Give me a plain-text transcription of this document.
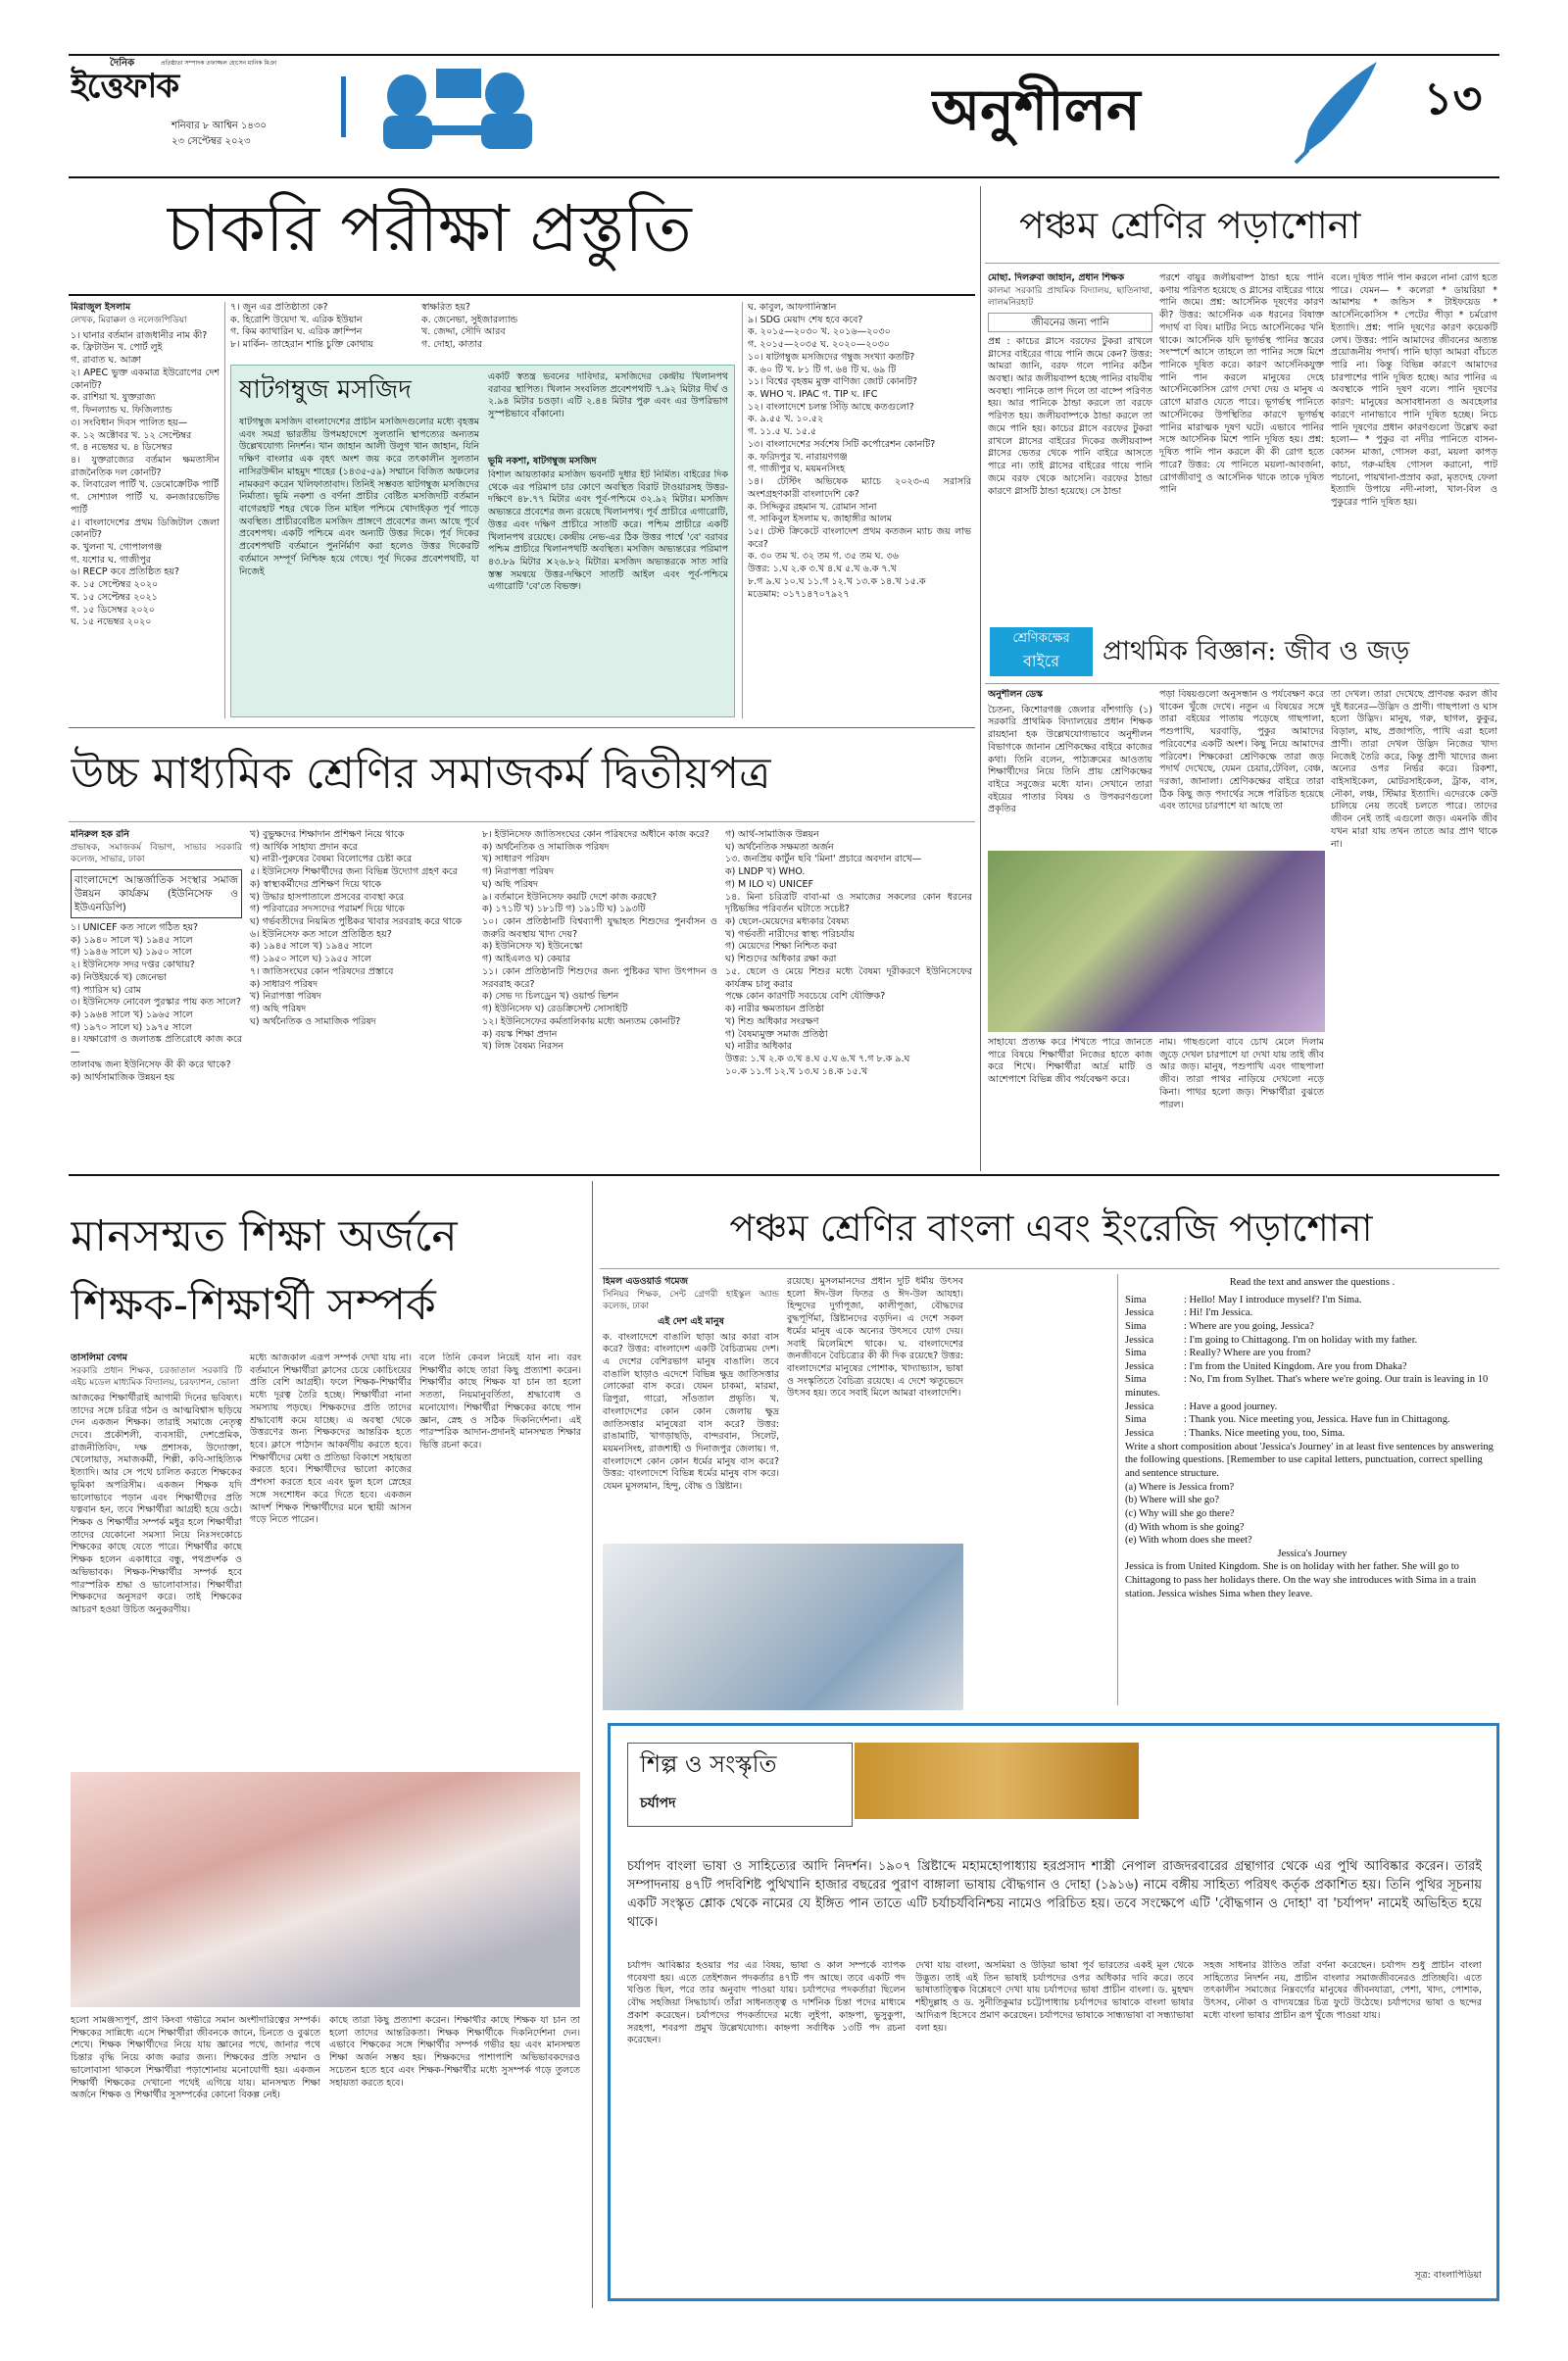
দৈনিক
ইত্তেফাক
প্রতিষ্ঠাতা সম্পাদক তফাজ্জল হোসেন মানিক মিঞা
শনিবার ৮ আশ্বিন ১৪৩০
২৩ সেপ্টেম্বর ২০২৩	অনুশীলন	১৩
চাকরি পরীক্ষা প্রস্তুতি
মিরাজুল ইসলাম
লেখক, মিরাক্কল ও নলেজপিডিয়া
১। ঘানার বর্তমান রাজধানীর নাম কী?
ক. ফ্রিটাউন খ. পোর্ট লুই
গ. রাবাত ঘ. আক্রা
২। APEC ভুক্ত একমাত্র ইউরোপের দেশ কোনটি?
ক. রাশিয়া খ. যুক্তরাজ্য
গ. ফিনল্যান্ড ঘ. ফিজিল্যান্ড
৩। সংবিধান দিবস পালিত হয়—
ক. ১২ অক্টোবর খ. ১২ সেপ্টেম্বর
গ. ৪ নভেম্বর ঘ. ৪ ডিসেম্বর
৪। যুক্তরাজ্যের বর্তমান ক্ষমতাসীন রাজনৈতিক দল কোনটি?
ক. লিবারেল পার্টি খ. ডেমোক্রেটিক পার্টি
গ. সোশ্যাল পার্টি ঘ. কনজারভেটিভ পার্টি
৫। বাংলাদেশের প্রথম ডিজিটাল জেলা কোনটি?
ক. খুলনা খ. গোপালগঞ্জ
গ. যশোর ঘ. গাজীপুর
৬। RECP কবে প্রতিষ্ঠিত হয়?
ক. ১৫ সেপ্টেম্বর ২০২০
খ. ১৫ সেপ্টেম্বর ২০২১
গ. ১৫ ডিসেম্বর ২০২০
ঘ. ১৫ নভেম্বর ২০২০
৭। জুন এর প্রতিষ্ঠাতা কে?
ক. হিরোশি উয়েদা খ. এরিক ইউয়ান
গ. কিম ক্যাথারিন ঘ. এরিক ক্রাম্পিন
৮। মার্কিন- তাহেরান শান্তি চুক্তি কোথায়
স্বাক্ষরিত হয়?
ক. জেনেভা, সুইজারল্যান্ড
খ. জেদ্দা, সৌদি আরব
গ. দোহা, কাতার
ষাটগম্বুজ মসজিদ
ষাটগম্বুজ মসজিদ বাংলাদেশের প্রাচীন মসজিদগুলোর মধ্যে বৃহত্তম এবং সমগ্র ভারতীয় উপমহাদেশে সুলতানি স্থাপত্যের অন্যতম উল্লেখযোগ্য নিদর্শন। খান জাহান আলী উলুগ খান জাহান, যিনি দক্ষিণ বাংলার এক বৃহৎ অংশ জয় করে তৎকালীন সুলতান নাসিরউদ্দীন মাহমুদ শাহের (১৪৩৫-৫৯) সম্মানে বিজিত অঞ্চলের নামকরণ করেন খলিফাতাবাদ। তিনিই সম্ভবত ষাটগম্বুজ মসজিদের নির্মাতা। ভূমি নকশা ও বর্ণনা প্রাচীর বেষ্টিত মসজিদটি বর্তমান বাগেরহাট শহর থেকে তিন মাইল পশ্চিমে খোদাইকৃত পূর্ব পাড়ে অবস্থিত। প্রাচীরবেষ্টিত মসজিদ প্রাঙ্গণে প্রবেশের জন্য আছে পূর্বে প্রবেশপথ। একটি পশ্চিমে এবং অন্যটি উত্তর দিকে। পূর্ব দিকের প্রবেশপথটি বর্তমানে পুনর্নির্মাণ করা হলেও উত্তর দিকেরটি বর্তমানে সম্পূর্ণ নিশ্চিহ্ন হয়ে গেছে। পূর্ব দিকের প্রবেশপথটি, যা নিজেই
একটি স্বতন্ত্র ভবনের দাবিদার, মসজিদের কেন্দ্রীয় খিলানপথ বরাবর স্থাপিত। খিলান সংবলিত প্রবেশপথটি ৭.৯২ মিটার দীর্ঘ ও ২.৯৪ মিটার চওড়া। এটি ২.৪৪ মিটার পুরু এবং এর উপরিভাগ সুস্পষ্টভাবে বাঁকানো।
ভূমি নকশা, ষাটগম্বুজ মসজিদ
বিশাল আয়তাকার মসজিদ ভবনটি দুধার ইট নির্মিত। বাইরের দিক থেকে এর পরিমাপ চার কোণে অবস্থিত বিরাট টাওয়ারসহ উত্তর-দক্ষিণে ৪৮.৭৭ মিটার এবং পূর্ব-পশ্চিমে ৩২.৯২ মিটার। মসজিদ অভ্যন্তরে প্রবেশের জন্য রয়েছে খিলানপথ। পূর্ব প্রাচীরে এগারোটি, উত্তর এবং দক্ষিণ প্রাচীরে সাতটি করে। পশ্চিম প্রাচীরে একটি খিলানপথ রয়েছে। কেন্দ্রীয় নেভ-এর ঠিক উত্তর পার্শ্বে 'বে' বরাবর পশ্চিম প্রাচীরে খিলানপথটি অবস্থিত। মসজিদ অভ্যন্তরের পরিমাপ ৪৩.৮৯ মিটার ×২৬.৮২ মিটার। মসজিদ অভ্যন্তরকে সাত সারি স্তম্ভ সমন্বয়ে উত্তর-দক্ষিণে সাতটি আইল এবং পূর্ব-পশ্চিমে এগারোটি 'বে'তে বিভক্ত।
ঘ. কাবুল, আফগানিস্তান
৯। SDG মেয়াদ শেষ হবে কবে?
ক. ২০১৫—২০৩০ খ. ২০১৬—২০৩০
গ. ২০১৫—২০৩৫ ঘ. ২০২০—২০৩০
১০। ষাটগম্বুজ মসজিদের গম্বুজ সংখ্যা কতটি?
ক. ৬০ টি খ. ৮১ টি গ. ৬৪ টি ঘ. ৬৯ টি
১১। বিশ্বের বৃহত্তম মুক্ত বাণিজ্য জোট কোনটি?
ক. WHO খ. IPAC গ. TIP ঘ. IFC
১২। বাংলাদেশে চলন্ত সিঁড়ি আছে কতগুলো?
ক. ৯.৫৫ খ. ১০.৫২
গ. ১১.৫ ঘ. ১৫.৫
১৩। বাংলাদেশের সর্বশেষ সিটি কর্পোরেশন কোনটি?
ক. ফরিদপুর খ. নারায়ণগঞ্জ
গ. গাজীপুর ঘ. ময়মনসিংহ
১৪। টেস্টিং অভিষেক ম্যাচে ২০২৩-এ সরাসরি অংশগ্রহণকারী বাংলাদেশি কে?
ক. সিদ্দিকুর রহমান খ. রোমান সানা
গ. সাকিবুল ইসলাম ঘ. জাহাঙ্গীর আলম
১৫। টেস্ট ক্রিকেটে বাংলাদেশ প্রথম কতজন ম্যাচ জয় লাভ করে?
ক. ৩০ তম খ. ৩২ তম গ. ৩৫ তম ঘ. ৩৬
উত্তর: ১.ঘ ২.ক ৩.খ ৪.ঘ ৫.খ ৬.ক ৭.খ
৮.গ ৯.ঘ ১০.ঘ ১১.গ ১২.খ ১৩.ক ১৪.খ ১৫.ক
মডেমাম: ০১৭১৪৭০৭৯২৭
পঞ্চম শ্রেণির পড়াশোনা
মোছা. দিলরুবা জাহান, প্রধান শিক্ষক
কালমা সরকারি প্রাথমিক বিদ্যালয়, ছাতিনাথা, লালমনিরহাট
জীবনের জন্য পানি
প্রশ্ন : কাচের গ্লাসে বরফের টুকরা রাখলে গ্লাসের বাইরের গায়ে পানি জমে কেন? উত্তর: আমরা জানি, বরফ গলে পানির কঠিন অবস্থা। আর জলীয়বাষ্প হচ্ছে পানির বায়বীয় অবস্থা। পানিকে তাপ দিলে তা বাষ্পে পরিণত হয়। আর পানিকে ঠান্ডা করলে তা বরফে পরিণত হয়। জলীয়বাষ্পকে ঠান্ডা করলে তা জমে পানি হয়। কাচের গ্লাসে বরফের টুকরা রাখলে গ্লাসের বাইরের দিকের জলীয়বাষ্প গ্লাসের ভেতর থেকে পানি বাইরে আসতে পারে না। তাই গ্লাসের বাইরের গায়ে পানি জমে বরফ থেকে আসেনি। বরফের ঠান্ডা কারণে গ্লাসটি ঠান্ডা হয়েছে। সে ঠান্ডা
পরশে বায়ুর জলীয়বাষ্প ঠান্ডা হয়ে পানি কণায় পরিণত হয়েছে ও গ্লাসের বাইরের গায়ে পানি জমে। প্রশ্ন: আর্সেনিক দূষণের কারণ কী? উত্তর: আর্সেনিক এক ধরনের বিষাক্ত পদার্থ বা বিষ। মাটির নিচে আর্সেনিকের খনি থাকে। আর্সেনিক যদি ভূগর্ভস্থ পানির স্তরের সংস্পর্শে আসে তাহলে তা পানির সঙ্গে মিশে পানিকে দূষিত করে। কারণ আর্সেনিকযুক্ত পানি পান করলে মানুষের দেহে আর্সেনিকোসিস রোগ দেখা দেয় ও মানুষ এ রোগে মারাও যেতে পারে। ভূগর্ভস্থ পানিতে আর্সেনিকের উপস্থিতির কারণে ভূগর্ভস্থ পানির মারাত্মক দূষণ ঘটে। এভাবে পানির সঙ্গে আর্সেনিক মিশে পানি দূষিত হয়। প্রশ্ন: দূষিত পানি পান করলে কী কী রোগ হতে পারে? উত্তর: যে পানিতে ময়লা-আবর্জনা, রোগজীবাণু ও আর্সেনিক থাকে তাকে দূষিত পানি
বলে। দূষিত পানি পান করলে নানা রোগ হতে পারে। যেমন— * কলেরা * ডায়রিয়া * আমাশয় * জন্ডিস * টাইফয়েড * আর্সেনিকোসিস * পেটের পীড়া * চর্মরোগ ইত্যাদি। প্রশ্ন: পানি দূষণের কারণ কয়েকটি লেখ। উত্তর: পানি আমাদের জীবনের অত্যন্ত প্রয়োজনীয় পদার্থ। পানি ছাড়া আমরা বাঁচতে পারি না। কিন্তু বিভিন্ন কারণে আমাদের চারপাশের পানি দূষিত হচ্ছে। আর পানির এ অবস্থাকে পানি দূষণ বলে। পানি দূষণের কারণ: মানুষের অসাবধানতা ও অবহেলার কারণে নানাভাবে পানি দূষিত হচ্ছে। নিচে পানি দূষণের প্রধান কারণগুলো উল্লেখ করা হলো— * পুকুর বা নদীর পানিতে বাসন-কোসন মাজা, গোসল করা, ময়লা কাপড় কাচা, গরু-মহিষ গোসল করানো, পাট পচানো, পায়খানা-প্রস্রাব করা, মৃতদেহ ফেলা ইত্যাদি উপায়ে নদী-নালা, খাল-বিল ও পুকুরের পানি দূষিত হয়।
শ্রেণিকক্ষের
বাইরে	প্রাথমিক বিজ্ঞান: জীব ও জড়
অনুশীলন ডেস্ক
চৈতন্য, কিশোরগঞ্জ জেলার বাঁশগাড়ি (১) সরকারি প্রাথমিক বিদ্যালয়ের প্রধান শিক্ষক রায়হানা হক উল্লেখযোগ্যভাবে অনুশীলন বিভাগকে জানান শ্রেণিকক্ষের বাইরে কাজের কথা। তিনি বলেন, পাঠ্যক্রমের আওতায় শিক্ষার্থীদের নিয়ে তিনি প্রায় শ্রেণিকক্ষের বাইরে সবুজের মধ্যে যান। সেখানে তারা বইয়ের পাতার বিষয় ও উপকরণগুলো প্রকৃতির
পড়া বিষয়গুলো অনুসন্ধান ও পর্যবেক্ষণ করে থাকেন খুঁজে দেখে। নতুন এ বিষয়ের সঙ্গে তারা বইয়ের পাতায় পড়েছে গাছপালা, পশুপাখি, ঘরবাড়ি, পুকুর আমাদের পরিবেশের একটি অংশ। কিছু নিয়ে আমাদের পরিবেশ। শিক্ষকেরা শ্রেণিকক্ষে তারা জড় পদার্থ দেখেছে, যেমন চেয়ার,টেবিল, বেঞ্চ, দরজা, জানালা। শ্রেণিকক্ষের বাইরে তারা ঠিক কিছু জড় পদার্থের সঙ্গে পরিচিত হয়েছে এবং তাদের চারপাশে যা আছে তা
তা দেখল। তারা দেখেছে প্রাণবন্ত করল জীব দুই ধরনের—উদ্ভিদ ও প্রাণী। গাছপালা ও ঘাস হলো উদ্ভিদ। মানুষ, গরু, ছাগল, কুকুর, বিড়াল, মাছ, প্রজাপতি, পাখি এরা হলো প্রাণী। তারা দেখল উদ্ভিদ নিজের খাদ্য নিজেই তৈরি করে, কিন্তু প্রাণী খাদ্যের জন্য অন্যের ওপর নির্ভর করে। রিকশা, বাইসাইকেল, মোটরসাইকেল, ট্রাক, বাস, নৌকা, লঞ্চ, স্টিমার ইত্যাদি। এদেরকে কেউ চালিয়ে নেয় তবেই চলতে পারে। তাদের জীবন নেই তাই এগুলো জড়। এমনকি জীব যখন মারা যায় তখন তাতে আর প্রাণ থাকে না।
সাহায্যে প্রত্যক্ষ করে শিখতে পারে জানতে পারে বিষয়ে শিক্ষার্থীরা নিজের হাতে কাজ করে শিখে। শিক্ষার্থীরা আর্দ্র মাটি ও আশেপাশে বিভিন্ন জীব পর্যবেক্ষণ করে।
নাম। গাছগুলো বাবে চোখ মেলে দিলাম জুড়ে দেখল চারপাশে যা দেখা যায় তাই জীব আর জড়। মানুষ, পশুপাখি এবং গাছপালা জীব। তারা পাথর নাড়িয়ে দেখলো নড়ে কিনা। পাথর হলো জড়। শিক্ষার্থীরা বুঝতে পারল।
উচ্চ মাধ্যমিক শ্রেণির সমাজকর্ম দ্বিতীয়পত্র
মনিরুল হক রনি
প্রভাষক, সমাজকর্ম বিভাগ, সাভার সরকারি কলেজ, সাভার, ঢাকা
বাংলাদেশে আন্তর্জাতিক সংস্থার সমাজ উন্নয়ন কার্যক্রম (ইউনিসেফ ও ইউএনডিপি)
১। UNICEF কত সালে গঠিত হয়?
ক) ১৯৪০ সালে খ) ১৯৪৫ সালে
গ) ১৯৪৬ সালে ঘ) ১৯৫০ সালে
২। ইউনিসেফ সদর দপ্তর কোথায়?
ক) নিউইয়র্কে খ) জেনেভা
গ) প্যারিস ঘ) রোম
৩। ইউনিসেফ নোবেল পুরস্কার পায় কত সালে?
ক) ১৯৬৪ সালে খ) ১৯৬৫ সালে
গ) ১৯৭০ সালে ঘ) ১৯৭৫ সালে
৪। যক্ষারোগ ও জলাতঙ্ক প্রতিরোধে কাজ করে—
তালাবদ্ধ জন্য ইউনিসেফ কী কী করে থাকে?
ক) আর্থসামাজিক উন্নয়ন হয়
খ) বুভুক্ষদের শিক্ষাদান প্রশিক্ষণ নিয়ে থাকে
গ) আর্থিক সাহায্য প্রদান করে
ঘ) নারী-পুরুষের বৈষম্য বিলোপের চেষ্টা করে
৫। ইউনিসেফ শিক্ষার্থীদের জন্য বিভিন্ন উদ্যোগ গ্রহণ করে
ক) স্বাস্থ্যকর্মীদের প্রশিক্ষণ দিয়ে থাকে
খ) উদ্ধার হাসপাতালে প্রসবের ব্যবস্থা করে
গ) পরিবারের সদস্যদের পরামর্শ দিয়ে থাকে
ঘ) গর্ভবতীদের নিয়মিত পুষ্টিকর খাবার সরবরাহ করে থাকে
৬। ইউনিসেফ কত সালে প্রতিষ্ঠিত হয়?
ক) ১৯৪৫ সালে খ) ১৯৪৫ সালে
গ) ১৯৫০ সালে ঘ) ১৯৫৫ সালে
৭। জাতিসংঘের কোন পরিষদের প্রস্তাবে
ক) সাধারণ পরিষদ
খ) নিরাপত্তা পরিষদ
গ) অছি পরিষদ
ঘ) অর্থনৈতিক ও সামাজিক পরিষদ
৮। ইউনিসেফ জাতিসংঘের কোন পরিষদের অধীনে কাজ করে?
ক) অর্থনৈতিক ও সামাজিক পরিষদ
খ) সাধারণ পরিষদ
গ) নিরাপত্তা পরিষদ
ঘ) অছি পরিষদ
৯। বর্তমানে ইউনিসেফ কয়টি দেশে কাজ করছে?
ক) ১৭১টি খ) ১৮১টি গ) ১৯১টি ঘ) ১৯৩টি
১০। কোন প্রতিষ্ঠানটি বিশ্বব্যাপী যুদ্ধাহত শিশুদের পুনর্বাসন ও জরুরি অবস্থায় খাদ্য দেয়?
ক) ইউনিসেফ খ) ইউনেস্কো
গ) আইএলও ঘ) কেয়ার
১১। কোন প্রতিষ্ঠানটি শিশুদের জন্য পুষ্টিকর খাদ্য উৎপাদন ও সরবরাহ করে?
ক) সেভ দ্য চিলড্রেন খ) ওয়ার্ল্ড ভিশন
গ) ইউনিসেফ ঘ) রেডক্রিসেন্ট সোসাইটি
১২। ইউনিসেফের কর্মতালিকায় মধ্যে অন্যতম কোনটি?
ক) বয়স্ক শিক্ষা প্রদান
খ) লিঙ্গ বৈষম্য নিরসন
গ) আর্থ-সামাজিক উন্নয়ন
ঘ) অর্থনৈতিক সক্ষমতা অর্জন
১৩. জনপ্রিয় কার্টুন ছবি 'মিনা' প্রচারে অবদান রাখে—
ক) LNDP খ) WHO.
গ) M ILO ঘ) UNICEF
১৪. মিনা চরিত্রটি বাবা-মা ও সমাজের সকলের কোন ধরনের দৃষ্টিভঙ্গির পরিবর্তন ঘটাতে সচেষ্ট?
ক) ছেলে-মেয়েদের মধ্যকার বৈষম্য
খ) গর্ভবতী নারীদের স্বাস্থ্য পরিচর্যায়
গ) মেয়েদের শিক্ষা নিশ্চিত করা
ঘ) শিশুদের অধিকার রক্ষা করা
১৫. ছেলে ও মেয়ে শিশুর মধ্যে বৈষম্য দূরীকরণে ইউনিসেফের কার্যক্রম চালু করার
পক্ষে কোন কারণটি সবচেয়ে বেশি যৌক্তিক?
ক) নারীর ক্ষমতায়ন প্রতিষ্ঠা
খ) শিশু অধিকার সংরক্ষণ
গ) বৈষম্যমুক্ত সমাজ প্রতিষ্ঠা
ঘ) নারীর অধিকার
উত্তর: ১.খ ২.ক ৩.খ ৪.ঘ ৫.ঘ ৬.খ ৭.গ ৮.ক ৯.ঘ
১০.ক ১১.গ ১২.খ ১৩.ঘ ১৪.ক ১৫.খ
মানসম্মত শিক্ষা অর্জনে
শিক্ষক-শিক্ষার্থী সম্পর্ক
তাসলিমা বেগম
সরকারি প্রধান শিক্ষক, চরজাতাল সরকারি টি এইচ মডেল মাধ্যমিক বিদ্যালয়, চরফ্যাশন, ভোলা
আজকের শিক্ষার্থীরাই আগামী দিনের ভবিষ্যৎ। তাদের সঙ্গে চরিত্র গঠন ও আত্মবিশ্বাস ছড়িয়ে দেন একজন শিক্ষক। তারাই সমাজে নেতৃত্ব দেবে। প্রকৌশলী, ব্যবসায়ী, দেশপ্রেমিক, রাজনীতিবিদ, দক্ষ প্রশাসক, উদ্যোক্তা, খেলোয়াড়, সমাজকর্মী, শিল্পী, কবি-সাহিত্যিক ইত্যাদি। আর সে পথে চালিত করতে শিক্ষকের ভূমিকা অপরিসীম। একজন শিক্ষক যদি ভালোভাবে পড়ান এবং শিক্ষার্থীদের প্রতি যত্নবান হন, তবে শিক্ষার্থীরা আগ্রহী হয়ে ওঠে। শিক্ষক ও শিক্ষার্থীর সম্পর্ক মধুর হলে শিক্ষার্থীরা তাদের যেকোনো সমস্যা নিয়ে নিঃসংকোচে শিক্ষকের কাছে যেতে পারে। শিক্ষার্থীর কাছে শিক্ষক হলেন একাধারে বন্ধু, পথপ্রদর্শক ও অভিভাবক। শিক্ষক-শিক্ষার্থীর সম্পর্ক হবে পারস্পরিক শ্রদ্ধা ও ভালোবাসার। শিক্ষার্থীরা শিক্ষকদের অনুসরণ করে। তাই শিক্ষকের আচরণ হওয়া উচিত অনুকরণীয়।
মধ্যে আজকাল এরূপ সম্পর্ক দেখা যায় না। বর্তমানে শিক্ষার্থীরা ক্লাসের চেয়ে কোচিংয়ের প্রতি বেশি আগ্রহী। ফলে শিক্ষক-শিক্ষার্থীর মধ্যে দূরত্ব তৈরি হচ্ছে। শিক্ষার্থীরা নানা সমস্যায় পড়ছে। শিক্ষকদের প্রতি তাদের শ্রদ্ধাবোধ কমে যাচ্ছে। এ অবস্থা থেকে উত্তরণের জন্য শিক্ষকদের আন্তরিক হতে হবে। ক্লাসে পাঠদান আকর্ষণীয় করতে হবে। শিক্ষার্থীদের মেধা ও প্রতিভা বিকাশে সহায়তা করতে হবে। শিক্ষার্থীদের ভালো কাজের প্রশংসা করতে হবে এবং ভুল হলে স্নেহের সঙ্গে সংশোধন করে দিতে হবে। একজন আদর্শ শিক্ষক শিক্ষার্থীদের মনে স্থায়ী আসন গড়ে নিতে পারেন।
বলে তিনি কেবল নিয়েই যান না। বরং শিক্ষার্থীর কাছে তারা কিছু প্রত্যাশা করেন। শিক্ষার্থীর কাছে শিক্ষক যা চান তা হলো সততা, নিয়মানুবর্তিতা, শ্রদ্ধাবোধ ও মনোযোগ। শিক্ষার্থীরা শিক্ষকের কাছে পান জ্ঞান, স্নেহ ও সঠিক দিকনির্দেশনা। এই পারস্পরিক আদান-প্রদানই মানসম্মত শিক্ষার ভিত্তি রচনা করে।
হলো সামঞ্জস্যপূর্ণ, প্রাণ কিংবা গভীরে সমান অংশীদারিত্বের সম্পর্ক। শিক্ষকের সান্নিধ্যে এসে শিক্ষার্থীরা জীবনকে জানে, চিনতে ও বুঝতে শেখে। শিক্ষক শিক্ষার্থীদের নিয়ে যায় জ্ঞানের পথে, জানার পথে চিন্তার বৃদ্ধি নিয়ে কাজ করার জন্য। শিক্ষকের প্রতি সম্মান ও ভালোবাসা থাকলে শিক্ষার্থীরা পড়াশোনায় মনোযোগী হয়। একজন শিক্ষার্থী শিক্ষকের দেখানো পথেই এগিয়ে যায়। মানসম্মত শিক্ষা অর্জনে শিক্ষক ও শিক্ষার্থীর সুসম্পর্কের কোনো বিকল্প নেই।
কাছে তারা কিছু প্রত্যাশা করেন। শিক্ষার্থীর কাছে শিক্ষক যা চান তা হলো তাদের আন্তরিকতা। শিক্ষক শিক্ষার্থীকে দিকনির্দেশনা দেন। এভাবে শিক্ষকের সঙ্গে শিক্ষার্থীর সম্পর্ক গভীর হয় এবং মানসম্মত শিক্ষা অর্জন সম্ভব হয়। শিক্ষকদের পাশাপাশি অভিভাবকদেরও সচেতন হতে হবে এবং শিক্ষক-শিক্ষার্থীর মধ্যে সুসম্পর্ক গড়ে তুলতে সহায়তা করতে হবে।
পঞ্চম শ্রেণির বাংলা এবং ইংরেজি পড়াশোনা
হিমল এডওয়ার্ড গমেজ
সিনিয়র শিক্ষক, সেন্ট গ্রেগরী হাইস্কুল অ্যান্ড কলেজ, ঢাকা
এই দেশ এই মানুষ
ক. বাংলাদেশে বাঙালি ছাড়া আর কারা বাস করে? উত্তর: বাংলাদেশ একটি বৈচিত্র্যময় দেশ। এ দেশের বেশিরভাগ মানুষ বাঙালি। তবে বাঙালি ছাড়াও এদেশে বিভিন্ন ক্ষুদ্র জাতিসত্তার লোকেরা বাস করে। যেমন চাকমা, মারমা, ত্রিপুরা, গারো, সাঁওতাল প্রভৃতি। খ. বাংলাদেশের কোন কোন জেলায় ক্ষুদ্র জাতিসত্তার মানুষেরা বাস করে? উত্তর: রাঙামাটি, খাগড়াছড়ি, বান্দরবান, সিলেট, ময়মনসিংহ, রাজশাহী ও দিনাজপুর জেলায়। গ. বাংলাদেশে কোন কোন ধর্মের মানুষ বাস করে? উত্তর: বাংলাদেশে বিভিন্ন ধর্মের মানুষ বাস করে। যেমন মুসলমান, হিন্দু, বৌদ্ধ ও খ্রিষ্টান।
রয়েছে। মুসলমানদের প্রধান দুটি ধর্মীয় উৎসব হলো ঈদ-উল ফিতর ও ঈদ-উল আযহা। হিন্দুদের দুর্গাপূজা, কালীপূজা, বৌদ্ধদের বুদ্ধপূর্ণিমা, খ্রিষ্টানদের বড়দিন। এ দেশে সকল ধর্মের মানুষ একে অন্যের উৎসবে যোগ দেয়। সবাই মিলেমিশে থাকে। ঘ. বাংলাদেশের জনজীবনে বৈচিত্র্যের কী কী দিক রয়েছে? উত্তর: বাংলাদেশের মানুষের পোশাক, খাদ্যাভ্যাস, ভাষা ও সংস্কৃতিতে বৈচিত্র্য রয়েছে। এ দেশে ঋতুভেদে উৎসব হয়। তবে সবাই মিলে আমরা বাংলাদেশি।
Read the text and answer the questions .
Sima	: Hello! May I introduce myself? I'm Sima.
Jessica	: Hi! I'm Jessica.
Sima	: Where are you going, Jessica?
Jessica	: I'm going to Chittagong. I'm on holiday with my father.
Sima	: Really? Where are you from?
Jessica	: I'm from the United Kingdom. Are you from Dhaka?
Sima	: No, I'm from Sylhet. That's where we're going. Our train is leaving in 10 minutes.
Jessica	: Have a good journey.
Sima	: Thank you. Nice meeting you, Jessica. Have fun in Chittagong.
Jessica	: Thanks. Nice meeting you, too, Sima.
Write a short composition about 'Jessica's Journey' in at least five sentences by answering the following questions. [Remember to use capital letters, punctuation, correct spelling and sentence structure.
(a) Where is Jessica from?
(b) Where will she go?
(c) Why will she go there?
(d) With whom is she going?
(e) With whom does she meet?
Jessica's Journey
Jessica is from United Kingdom. She is on holiday with her father. She will go to Chittagong to pass her holidays there. On the way she introduces with Sima in a train station. Jessica wishes Sima when they leave.
শিল্প ও সংস্কৃতি
চর্যাপদ
চর্যাপদ বাংলা ভাষা ও সাহিত্যের আদি নিদর্শন। ১৯০৭ খ্রিষ্টাব্দে মহামহোপাধ্যায় হরপ্রসাদ শাস্ত্রী নেপাল রাজদরবারের গ্রন্থাগার থেকে এর পুথি আবিষ্কার করেন। তারই সম্পাদনায় ৪৭টি পদবিশিষ্ট পুথিখানি হাজার বছরের পুরাণ বাঙ্গালা ভাষায় বৌদ্ধগান ও দোহা (১৯১৬) নামে বঙ্গীয় সাহিত্য পরিষৎ কর্তৃক প্রকাশিত হয়। তিনি পুথির সূচনায় একটি সংস্কৃত শ্লোক থেকে নামের যে ইঙ্গিত পান তাতে এটি চর্যাচর্যবিনিশ্চয় নামেও পরিচিত হয়। তবে সংক্ষেপে এটি 'বৌদ্ধগান ও দোহা' বা 'চর্যাপদ' নামেই অভিহিত হয়ে থাকে।
চর্যাপদ আবিষ্কার হওয়ার পর এর বিষয়, ভাষা ও কাল সম্পর্কে ব্যাপক গবেষণা হয়। এতে তেইশজন পদকর্তার ৪৭টি পদ আছে। তবে একটি পদ খণ্ডিত ছিল, পরে তার অনুবাদ পাওয়া যায়। চর্যাপদের পদকর্তারা ছিলেন বৌদ্ধ সহজিয়া সিদ্ধাচার্য। তাঁরা সাধনতত্ত্ব ও দার্শনিক চিন্তা পদের মাধ্যমে প্রকাশ করেছেন। চর্যাপদের পদকর্তাদের মধ্যে লুইপা, কাহ্নপা, ভুসুকুপা, সরহপা, শবরপা প্রমুখ উল্লেখযোগ্য। কাহ্নপা সর্বাধিক ১৩টি পদ রচনা করেছেন।
দেখা যায় বাংলা, অসমিয়া ও উড়িয়া ভাষা পূর্ব ভারতের একই মূল থেকে উদ্ভূত। তাই এই তিন ভাষাই চর্যাপদের ওপর অধিকার দাবি করে। তবে ভাষাতাত্ত্বিক বিশ্লেষণে দেখা যায় চর্যাপদের ভাষা প্রাচীন বাংলা। ড. মুহম্মদ শহীদুল্লাহ ও ড. সুনীতিকুমার চট্টোপাধ্যায় চর্যাপদের ভাষাকে বাংলা ভাষার আদিরূপ হিসেবে প্রমাণ করেছেন। চর্যাপদের ভাষাকে সান্ধ্যভাষা বা সন্ধ্যাভাষা বলা হয়।
সহজ সাধনার রীতিও তাঁরা বর্ণনা করেছেন। চর্যাপদ শুধু প্রাচীন বাংলা সাহিত্যের নিদর্শন নয়, প্রাচীন বাংলার সমাজজীবনেরও প্রতিচ্ছবি। এতে তৎকালীন সমাজের নিম্নবর্গের মানুষের জীবনযাত্রা, পেশা, খাদ্য, পোশাক, উৎসব, নৌকা ও বাদ্যযন্ত্রের চিত্র ফুটে উঠেছে। চর্যাপদের ভাষা ও ছন্দের মধ্যে বাংলা ভাষার প্রাচীন রূপ খুঁজে পাওয়া যায়।
সূত্র: বাংলাপিডিয়া
